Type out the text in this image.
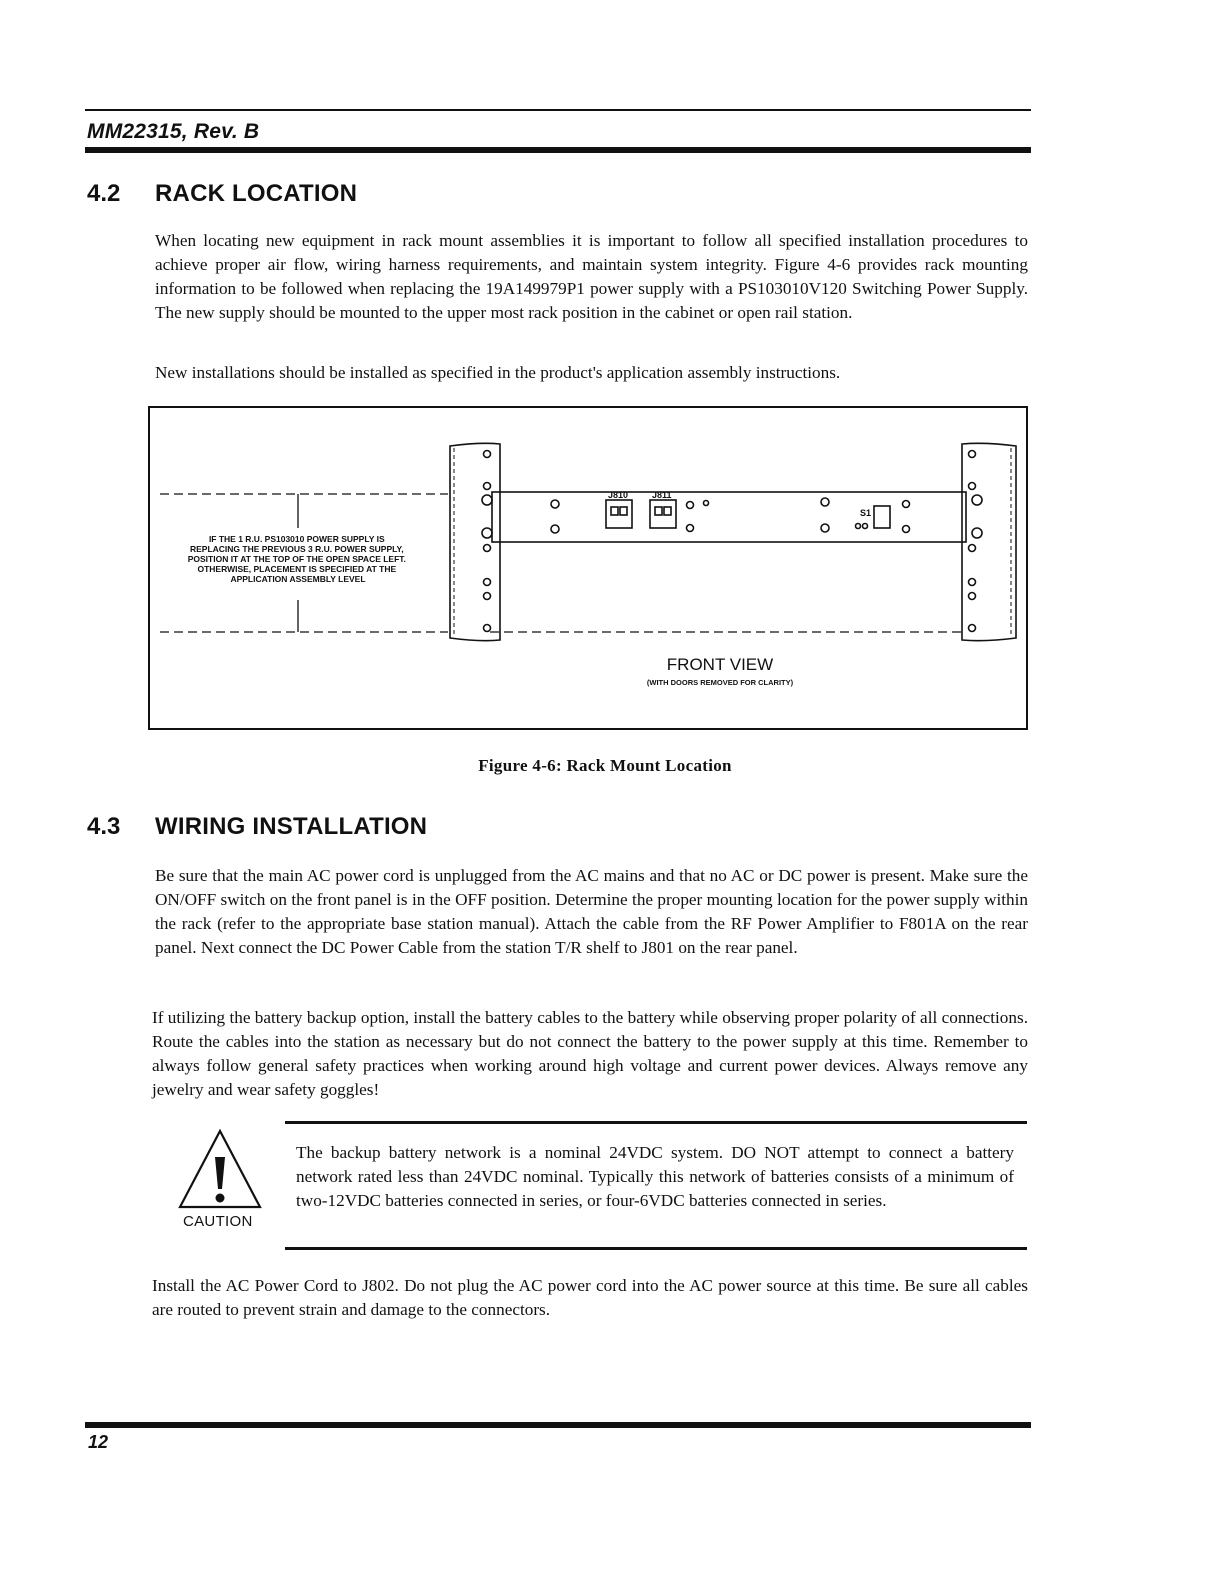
MM22315, Rev. B
4.2 RACK LOCATION

When locating new equipment in rack mount assemblies it is important to follow all specified installation procedures to achieve proper air flow, wiring harness requirements, and maintain system integrity. Figure 4-6 provides rack mounting information to be followed when replacing the 19A149979P1 power supply with a PS103010V120 Switching Power Supply. The new supply should be mounted to the upper most rack position in the cabinet or open rail station.

New installations should be installed as specified in the product's application assembly instructions.

IF THE 1 R.U. PS103010 POWER SUPPLY IS REPLACING THE PREVIOUS 3 R.U. POWER SUPPLY, POSITION IT AT THE TOP OF THE OPEN SPACE LEFT. OTHERWISE, PLACEMENT IS SPECIFIED AT THE APPLICATION ASSEMBLY LEVEL
J810	J811 S1
FRONT VIEW
(WITH DOORS REMOVED FOR CLARITY)
Figure 4-6: Rack Mount Location
4.3 WIRING INSTALLATION

Be sure that the main AC power cord is unplugged from the AC mains and that no AC or DC power is present. Make sure the ON/OFF switch on the front panel is in the OFF position. Determine the proper mounting location for the power supply within the rack (refer to the appropriate base station manual). Attach the cable from the RF Power Amplifier to F801A on the rear panel. Next connect the DC Power Cable from the station T/R shelf to J801 on the rear panel.

If utilizing the battery backup option, install the battery cables to the battery while observing proper polarity of all connections. Route the cables into the station as necessary but do not connect the battery to the power supply at this time. Remember to always follow general safety practices when working around high voltage and current power devices. Always remove any jewelry and wear safety goggles!

CAUTION

The backup battery network is a nominal 24VDC system. DO NOT attempt to connect a battery network rated less than 24VDC nominal. Typically this network of batteries consists of a minimum of two-12VDC batteries connected in series, or four-6VDC batteries connected in series.

Install the AC Power Cord to J802. Do not plug the AC power cord into the AC power source at this time. Be sure all cables are routed to prevent strain and damage to the connectors.

12
